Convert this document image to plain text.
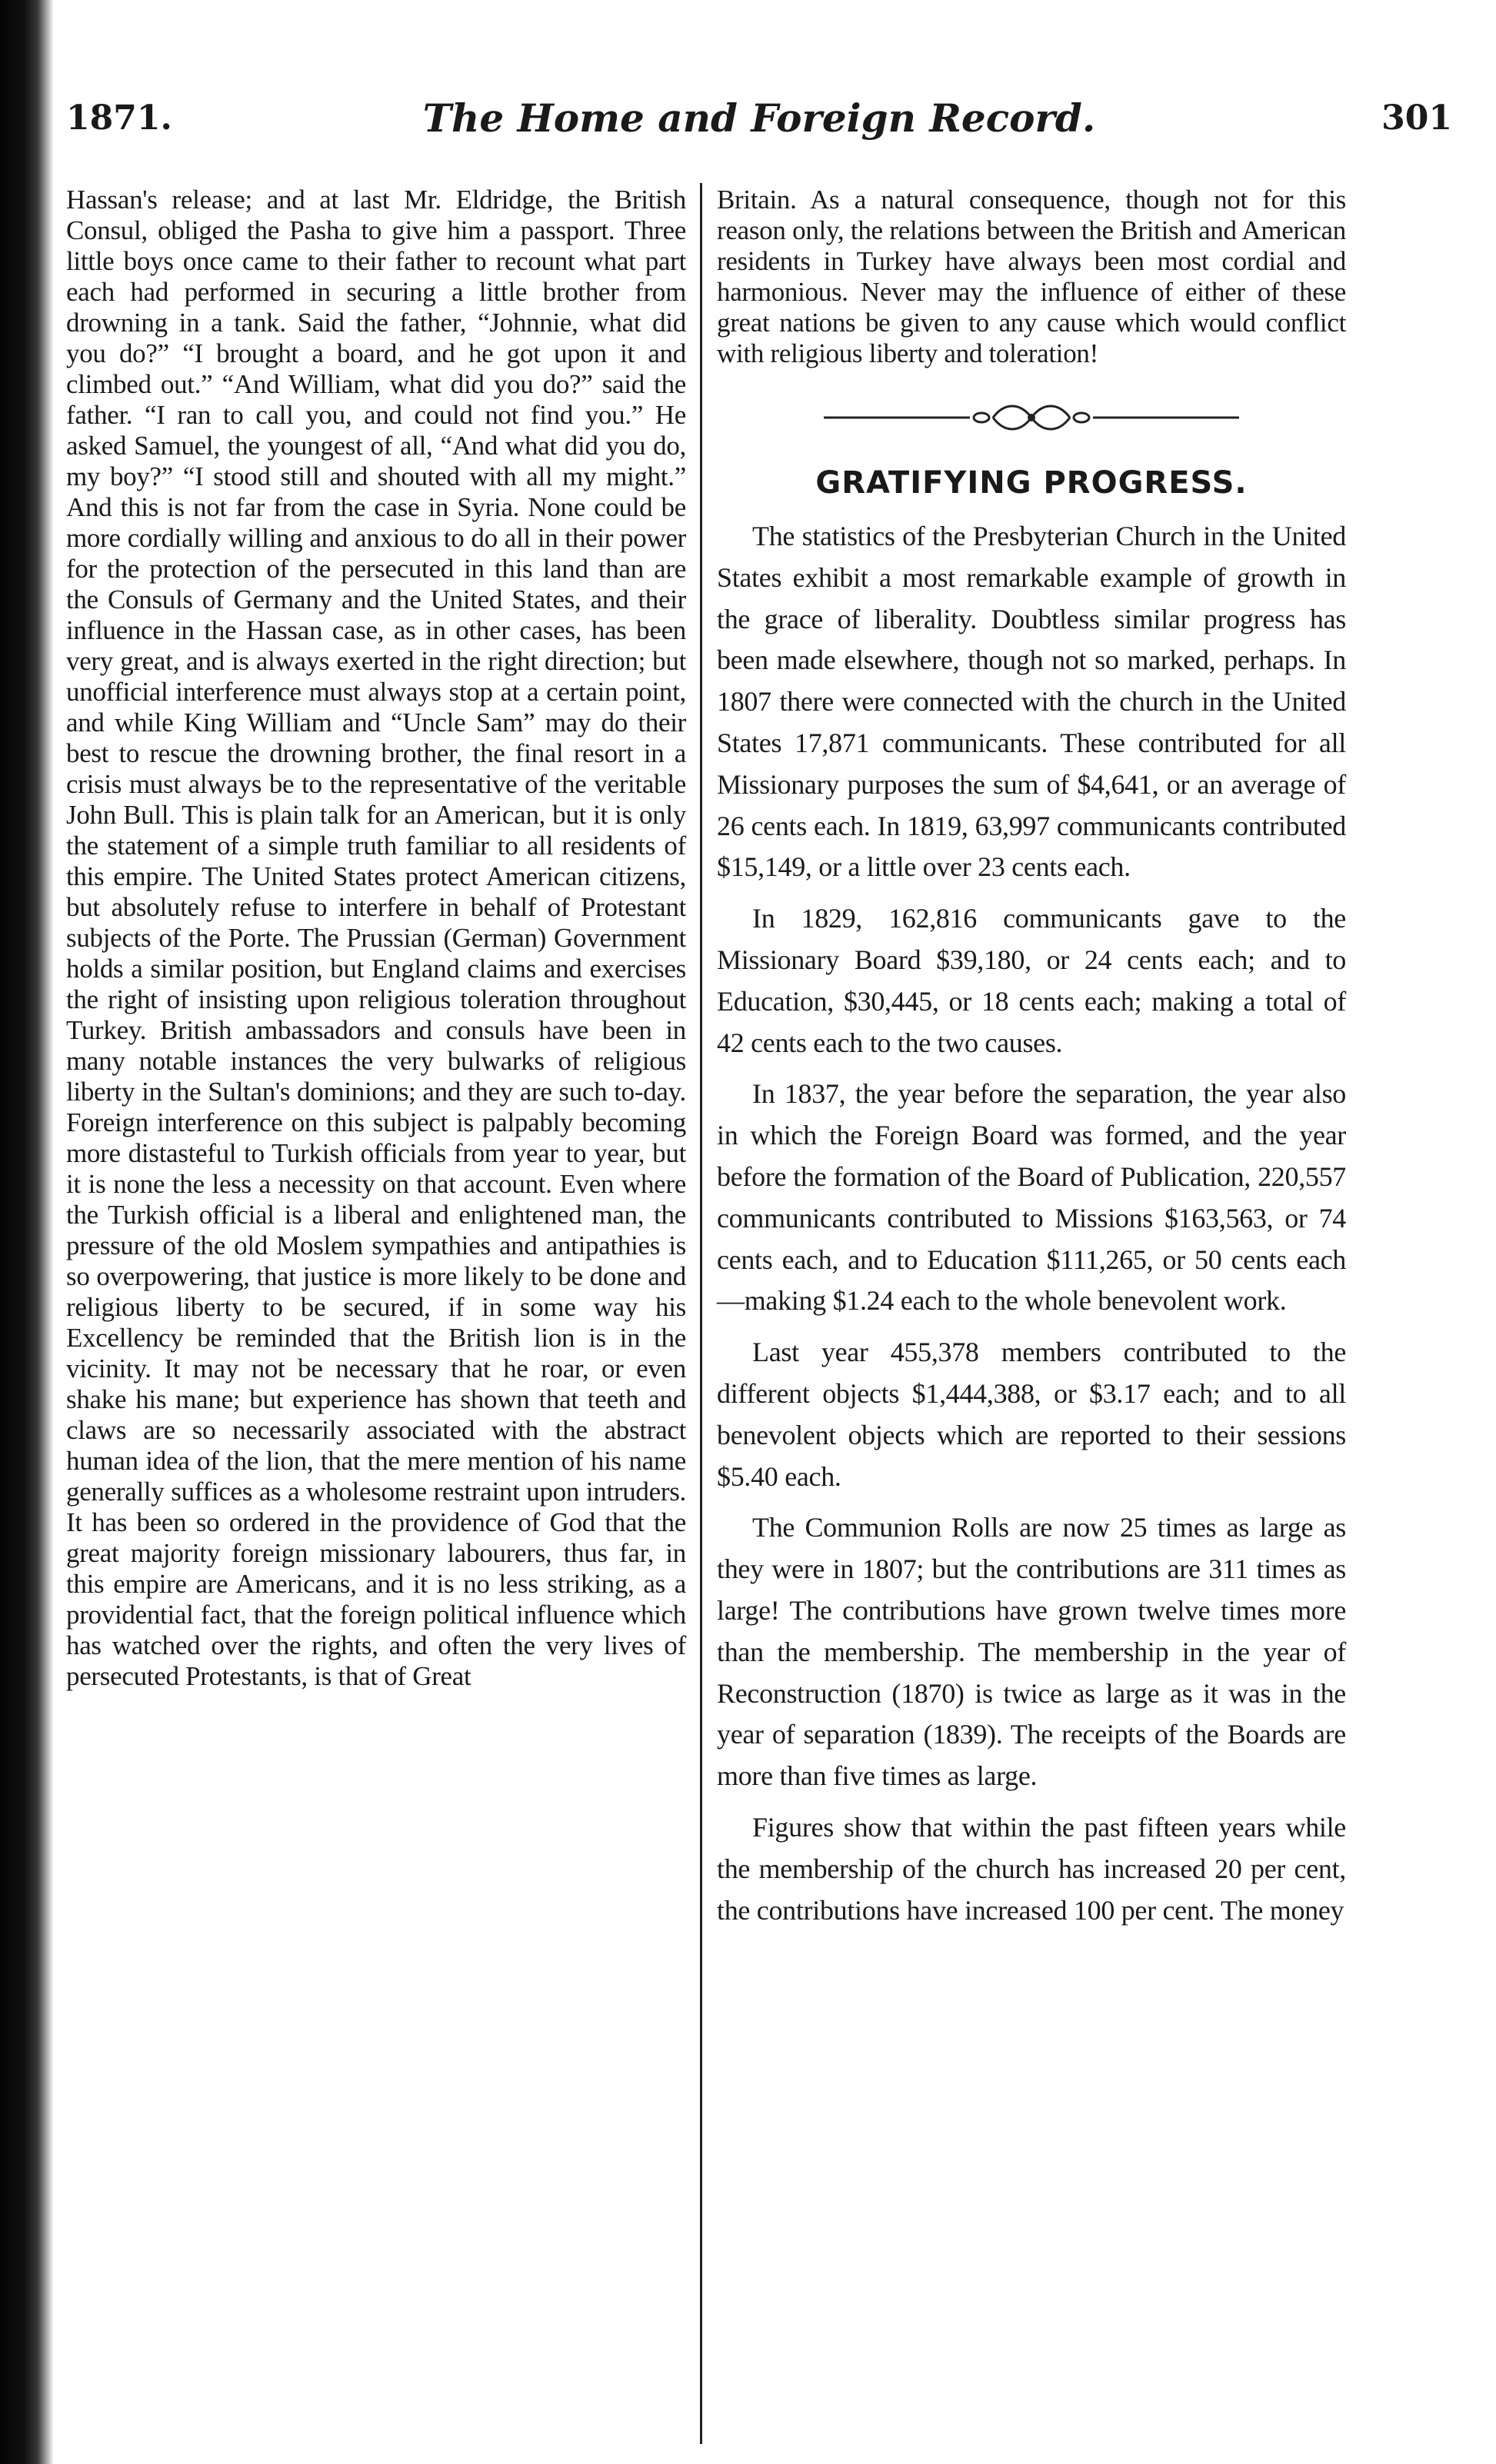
1871.	The Home and Foreign Record.	301

Hassan's release; and at last Mr. Eldridge, the British Consul, obliged the Pasha to give him a passport. Three little boys once came to their father to recount what part each had performed in securing a little brother from drowning in a tank. Said the father, “Johnnie, what did you do?” “I brought a board, and he got upon it and climbed out.” “And William, what did you do?” said the father. “I ran to call you, and could not find you.” He asked Samuel, the youngest of all, “And what did you do, my boy?” “I stood still and shouted with all my might.” And this is not far from the case in Syria. None could be more cordially willing and anxious to do all in their power for the protection of the persecuted in this land than are the Consuls of Germany and the United States, and their influence in the Hassan case, as in other cases, has been very great, and is always exerted in the right direction; but unofficial interference must always stop at a certain point, and while King William and “Uncle Sam” may do their best to rescue the drowning brother, the final resort in a crisis must always be to the representative of the veritable John Bull. This is plain talk for an American, but it is only the statement of a simple truth familiar to all residents of this empire. The United States protect American citizens, but absolutely refuse to interfere in behalf of Protestant subjects of the Porte. The Prussian (German) Government holds a similar position, but England claims and exercises the right of insisting upon religious toleration throughout Turkey. British ambassadors and consuls have been in many notable instances the very bulwarks of religious liberty in the Sultan's dominions; and they are such to-day. Foreign interference on this subject is palpably becoming more distasteful to Turkish officials from year to year, but it is none the less a necessity on that account. Even where the Turkish official is a liberal and enlightened man, the pressure of the old Moslem sympathies and antipathies is so overpowering, that justice is more likely to be done and religious liberty to be secured, if in some way his Excellency be reminded that the British lion is in the vicinity. It may not be necessary that he roar, or even shake his mane; but experience has shown that teeth and claws are so necessarily associated with the abstract human idea of the lion, that the mere mention of his name generally suffices as a wholesome restraint upon intruders. It has been so ordered in the providence of God that the great majority foreign missionary labourers, thus far, in this empire are Americans, and it is no less striking, as a providential fact, that the foreign political influence which has watched over the rights, and often the very lives of persecuted Protestants, is that of Great

Britain. As a natural consequence, though not for this reason only, the relations between the British and American residents in Turkey have always been most cordial and harmonious. Never may the influence of either of these great nations be given to any cause which would conflict with religious liberty and toleration!

GRATIFYING PROGRESS.

The statistics of the Presbyterian Church in the United States exhibit a most remarkable example of growth in the grace of liberality. Doubtless similar progress has been made elsewhere, though not so marked, perhaps. In 1807 there were connected with the church in the United States 17,871 communicants. These contributed for all Missionary purposes the sum of $4,641, or an average of 26 cents each. In 1819, 63,997 communicants contributed $15,149, or a little over 23 cents each.

In 1829, 162,816 communicants gave to the Missionary Board $39,180, or 24 cents each; and to Education, $30,445, or 18 cents each; making a total of 42 cents each to the two causes.

In 1837, the year before the separation, the year also in which the Foreign Board was formed, and the year before the formation of the Board of Publication, 220,557 communicants contributed to Missions $163,563, or 74 cents each, and to Education $111,265, or 50 cents each—making $1.24 each to the whole benevolent work.

Last year 455,378 members contributed to the different objects $1,444,388, or $3.17 each; and to all benevolent objects which are reported to their sessions $5.40 each.

The Communion Rolls are now 25 times as large as they were in 1807; but the contributions are 311 times as large! The contributions have grown twelve times more than the membership. The membership in the year of Reconstruction (1870) is twice as large as it was in the year of separation (1839). The receipts of the Boards are more than five times as large.

Figures show that within the past fifteen years while the membership of the church has increased 20 per cent, the contributions have increased 100 per cent. The money
